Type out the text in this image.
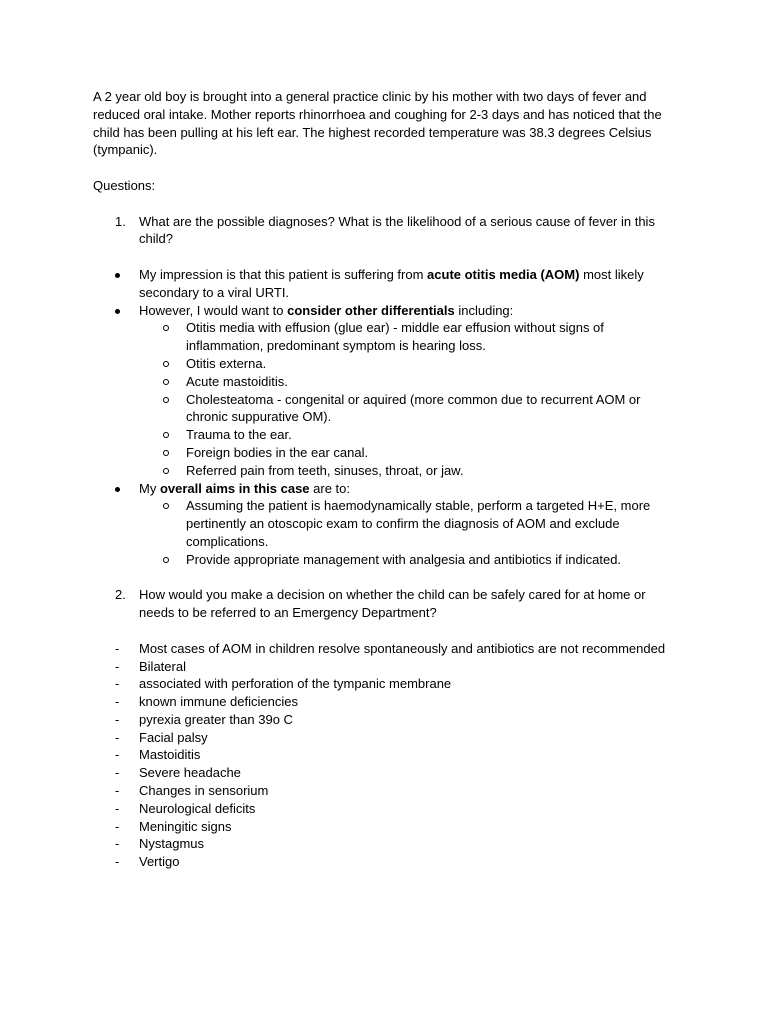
A 2 year old boy is brought into a general practice clinic by his mother with two days of fever and reduced oral intake. Mother reports rhinorrhoea and coughing for 2-3 days and has noticed that the child has been pulling at his left ear. The highest recorded temperature was 38.3 degrees Celsius (tympanic).

Questions:

1.	What are the possible diagnoses? What is the likelihood of a serious cause of fever in this child?
My impression is that this patient is suffering from acute otitis media (AOM) most likely secondary to a viral URTI.
However, I would want to consider other differentials including:
Otitis media with effusion (glue ear) - middle ear effusion without signs of inflammation, predominant symptom is hearing loss.
Otitis externa.
Acute mastoiditis.
Cholesteatoma - congenital or aquired (more common due to recurrent AOM or chronic suppurative OM).
Trauma to the ear.
Foreign bodies in the ear canal.
Referred pain from teeth, sinuses, throat, or jaw.
My overall aims in this case are to:
Assuming the patient is haemodynamically stable, perform a targeted H+E, more pertinently an otoscopic exam to confirm the diagnosis of AOM and exclude complications.
Provide appropriate management with analgesia and antibiotics if indicated.
2.	How would you make a decision on whether the child can be safely cared for at home or needs to be referred to an Emergency Department?
-
Most cases of AOM in children resolve spontaneously and antibiotics are not recommended
-
Bilateral
-
associated with perforation of the tympanic membrane
-
known immune deficiencies
-
pyrexia greater than 39o C
-
Facial palsy
-
Mastoiditis
-
Severe headache
-
Changes in sensorium
-
Neurological deficits
-
Meningitic signs
-
Nystagmus
-
Vertigo
